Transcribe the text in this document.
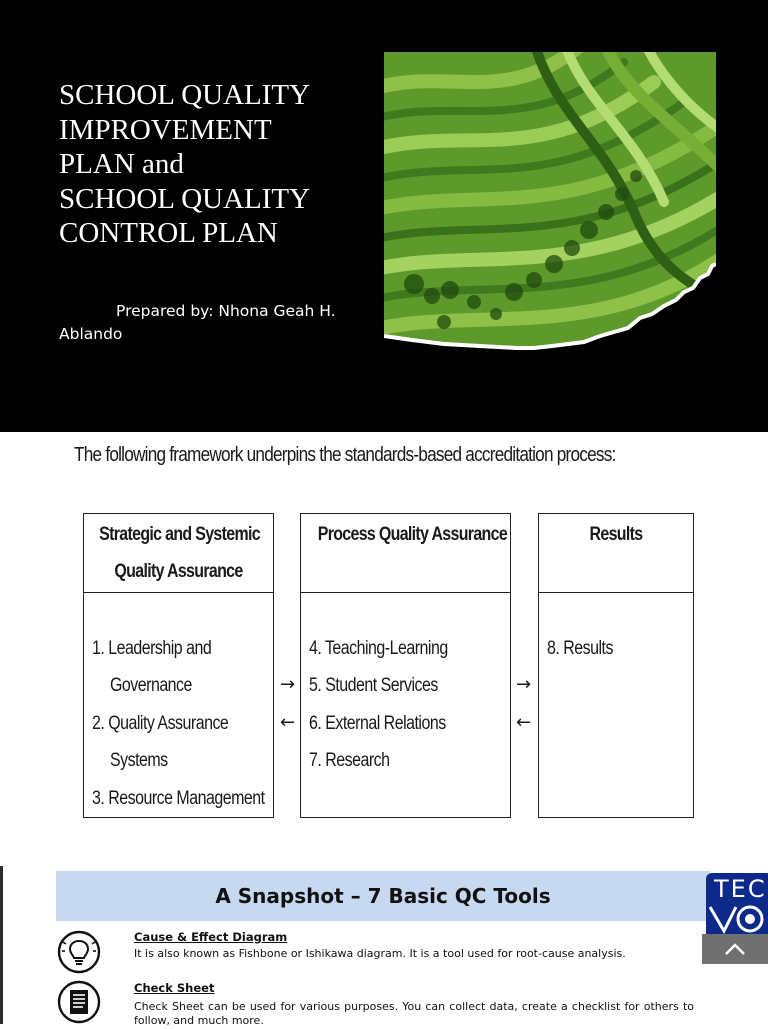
SCHOOL QUALITY
IMPROVEMENT
PLAN and
SCHOOL QUALITY
CONTROL PLAN
Prepared by: Nhona Geah H.
Ablando

The following framework underpins the standards-based accreditation process:

Strategic and Systemic
Quality Assurance
1. Leadership and
Governance
2. Quality Assurance
Systems
3. Resource Management
→
←
Process Quality Assurance
4. Teaching-Learning
5. Student Services
6. External Relations
7. Research
→
←
Results
8. Results
A Snapshot – 7 Basic QC Tools
Cause & Effect Diagram
It is also known as Fishbone or Ishikawa diagram. It is a tool used for root-cause analysis.
Check Sheet
Check Sheet can be used for various purposes. You can collect data, create a checklist for others to follow, and much more.
TEC
